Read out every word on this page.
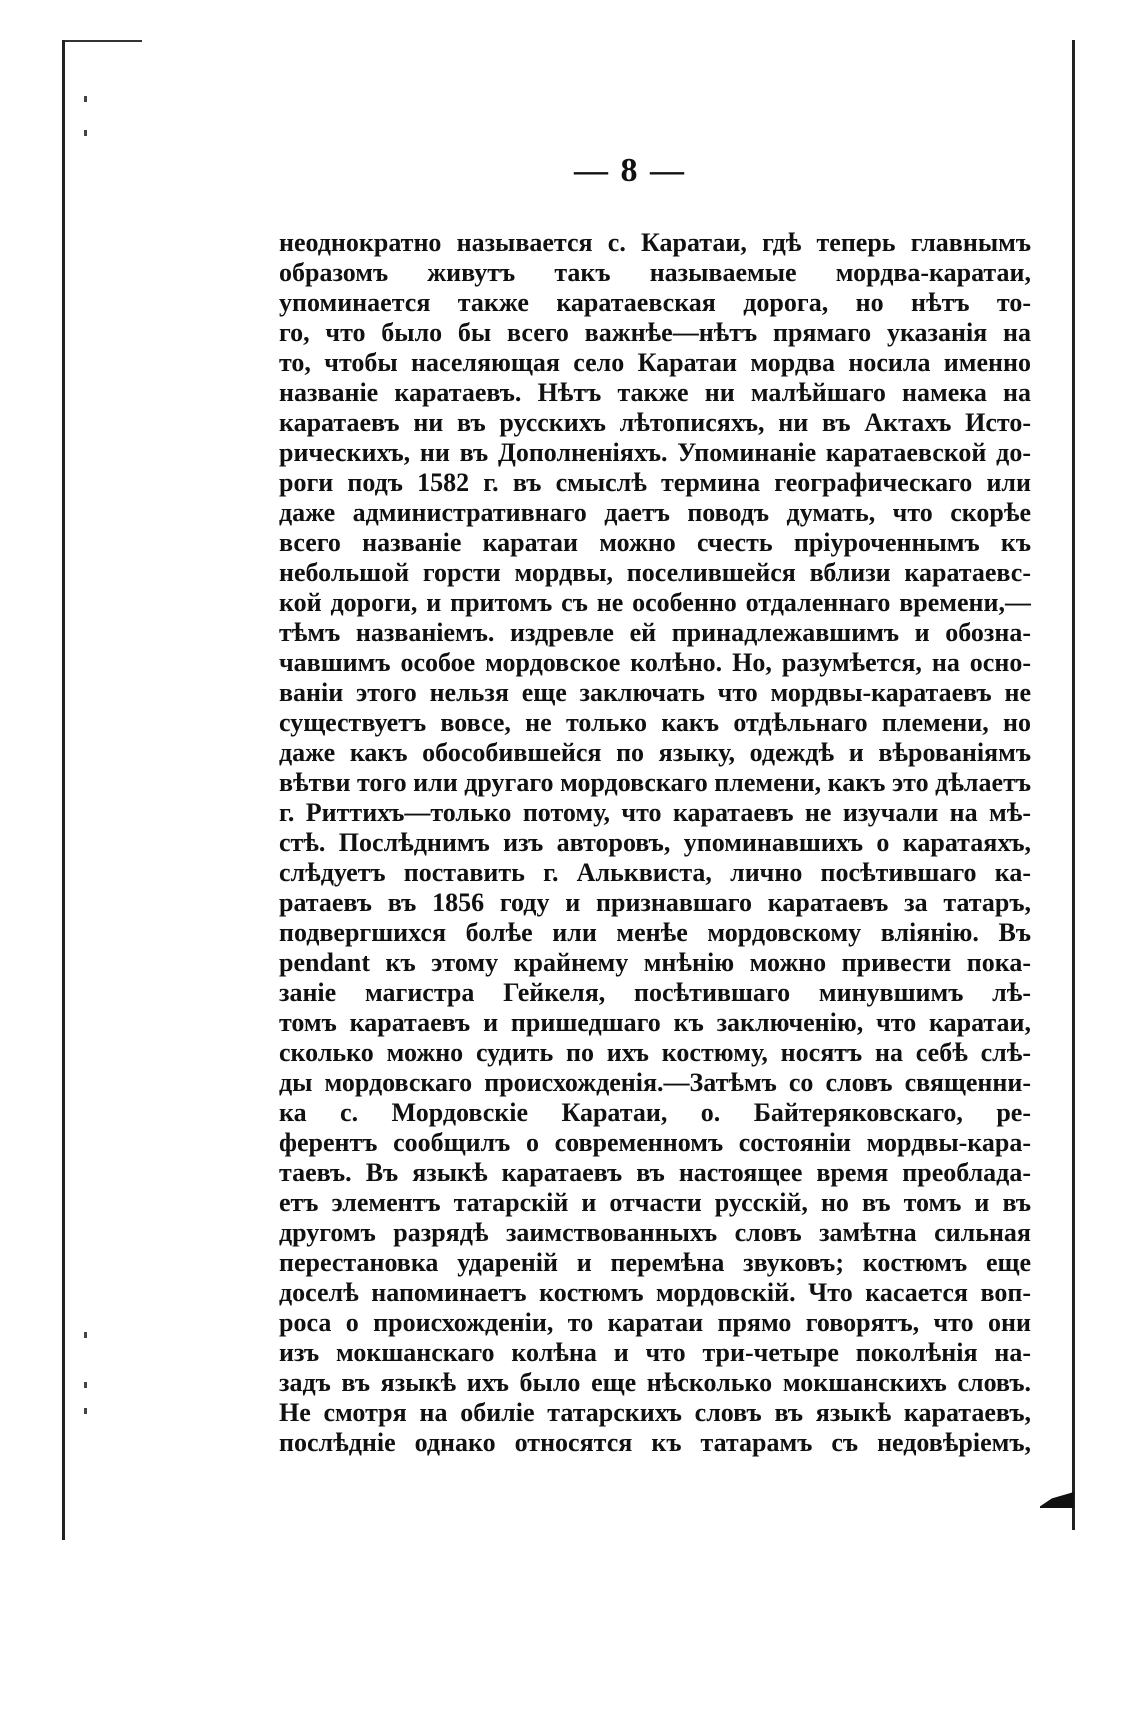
— 8 —
неоднократно называется с. Каратаи, гдѣ теперь главнымъ
образомъ живутъ такъ называемые мордва-каратаи,
упоминается также каратаевская дорога, но нѣтъ то-
го, что было бы всего важнѣе—нѣтъ прямаго указанія на
то, чтобы населяющая село Каратаи мордва носила именно
названіе каратаевъ. Нѣтъ также ни малѣйшаго намека на
каратаевъ ни въ русскихъ лѣтописяхъ, ни въ Актахъ Исто-
рическихъ, ни въ Дополненіяхъ. Упоминаніе каратаевской до-
роги подъ 1582 г. въ смыслѣ термина географическаго или
даже административнаго даетъ поводъ думать, что скорѣе
всего названіе каратаи можно счесть пріуроченнымъ къ
небольшой горсти мордвы, поселившейся вблизи каратаевс-
кой дороги, и притомъ съ не особенно отдаленнаго времени,—
тѣмъ названіемъ. издревле ей принадлежавшимъ и обозна-
чавшимъ особое мордовское колѣно. Но, разумѣется, на осно-
ваніи этого нельзя еще заключать что мордвы-каратаевъ не
существуетъ вовсе, не только какъ отдѣльнаго племени, но
даже какъ обособившейся по языку, одеждѣ и вѣрованіямъ
вѣтви того или другаго мордовскаго племени, какъ это дѣлаетъ
г. Риттихъ—только потому, что каратаевъ не изучали на мѣ-
стѣ. Послѣднимъ изъ авторовъ, упоминавшихъ о каратаяхъ,
слѣдуетъ поставить г. Альквиста, лично посѣтившаго ка-
ратаевъ въ 1856 году и признавшаго каратаевъ за татаръ,
подвергшихся болѣе или менѣе мордовскому вліянію. Въ
pendant къ этому крайнему мнѣнію можно привести пока-
заніе магистра Гейкеля, посѣтившаго минувшимъ лѣ-
томъ каратаевъ и пришедшаго къ заключенію, что каратаи,
сколько можно судить по ихъ костюму, носятъ на себѣ слѣ-
ды мордовскаго происхожденія.—Затѣмъ со словъ священни-
ка с. Мордовскіе Каратаи, о. Байтеряковскаго, ре-
ферентъ сообщилъ о современномъ состояніи мордвы-кара-
таевъ. Въ языкѣ каратаевъ въ настоящее время преоблада-
етъ элементъ татарскій и отчасти русскій, но въ томъ и въ
другомъ разрядѣ заимствованныхъ словъ замѣтна сильная
перестановка ударенiй и перемѣна звуковъ; костюмъ еще
доселѣ напоминаетъ костюмъ мордовскій. Что касается воп-
роса о происхожденіи, то каратаи прямо говорятъ, что они
изъ мокшанскаго колѣна и что три-четыре поколѣнія на-
задъ въ языкѣ ихъ было еще нѣсколько мокшанскихъ словъ.
Не смотря на обиліе татарскихъ словъ въ языкѣ каратаевъ,
послѣдніе однако относятся къ татарамъ съ недовѣріемъ,
